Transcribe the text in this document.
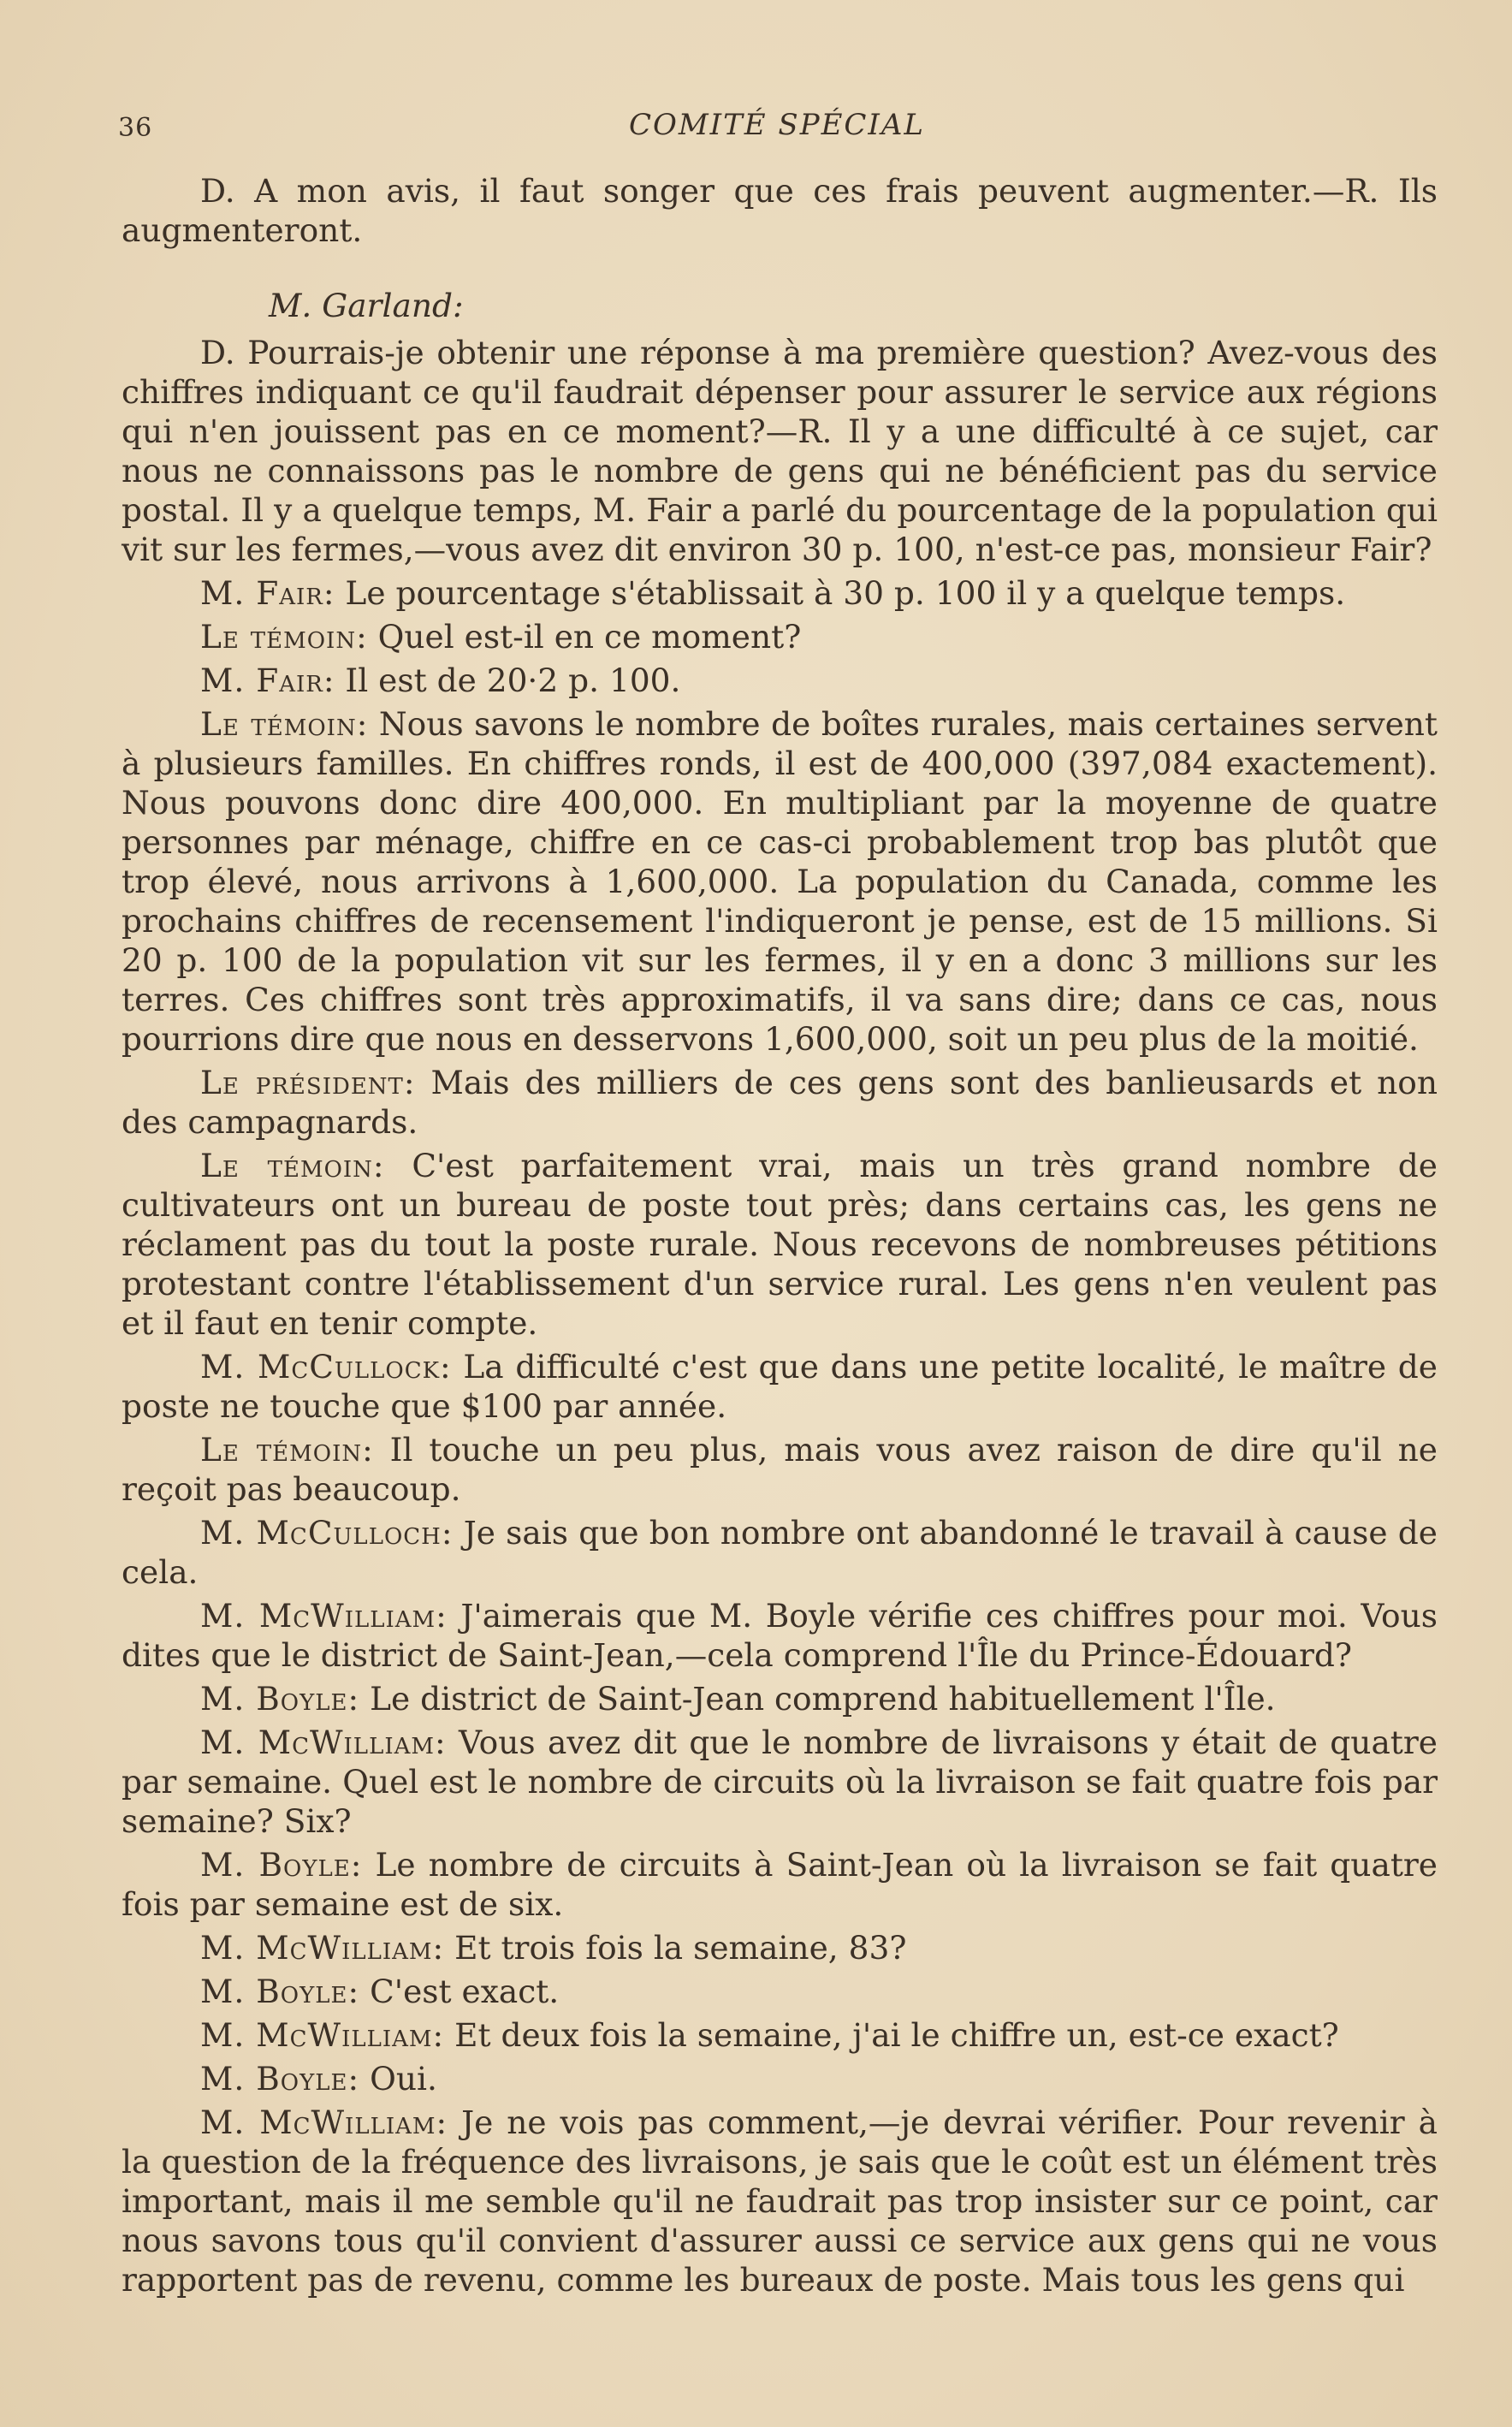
36	COMITÉ SPÉCIAL

D. A mon avis, il faut songer que ces frais peuvent augmenter.—R. Ils augmenteront.

M. Garland:

D. Pourrais-je obtenir une réponse à ma première question? Avez-vous des chiffres indiquant ce qu'il faudrait dépenser pour assurer le service aux régions qui n'en jouissent pas en ce moment?—R. Il y a une difficulté à ce sujet, car nous ne connaissons pas le nombre de gens qui ne bénéficient pas du service postal. Il y a quelque temps, M. Fair a parlé du pourcentage de la population qui vit sur les fermes,—vous avez dit environ 30 p. 100, n'est-ce pas, monsieur Fair?

M. Fair: Le pourcentage s'établissait à 30 p. 100 il y a quelque temps.

Le témoin: Quel est-il en ce moment?

M. Fair: Il est de 20·2 p. 100.

Le témoin: Nous savons le nombre de boîtes rurales, mais certaines servent à plusieurs familles. En chiffres ronds, il est de 400,000 (397,084 exactement). Nous pouvons donc dire 400,000. En multipliant par la moyenne de quatre personnes par ménage, chiffre en ce cas-ci probablement trop bas plutôt que trop élevé, nous arrivons à 1,600,000. La population du Canada, comme les prochains chiffres de recensement l'indiqueront je pense, est de 15 millions. Si 20 p. 100 de la population vit sur les fermes, il y en a donc 3 millions sur les terres. Ces chiffres sont très approximatifs, il va sans dire; dans ce cas, nous pourrions dire que nous en desservons 1,600,000, soit un peu plus de la moitié.

Le président: Mais des milliers de ces gens sont des banlieusards et non des campagnards.

Le témoin: C'est parfaitement vrai, mais un très grand nombre de cultivateurs ont un bureau de poste tout près; dans certains cas, les gens ne réclament pas du tout la poste rurale. Nous recevons de nombreuses pétitions protestant contre l'établissement d'un service rural. Les gens n'en veulent pas et il faut en tenir compte.

M. McCullock: La difficulté c'est que dans une petite localité, le maître de poste ne touche que $100 par année.

Le témoin: Il touche un peu plus, mais vous avez raison de dire qu'il ne reçoit pas beaucoup.

M. McCulloch: Je sais que bon nombre ont abandonné le travail à cause de cela.

M. McWilliam: J'aimerais que M. Boyle vérifie ces chiffres pour moi. Vous dites que le district de Saint-Jean,—cela comprend l'Île du Prince-Édouard?

M. Boyle: Le district de Saint-Jean comprend habituellement l'Île.

M. McWilliam: Vous avez dit que le nombre de livraisons y était de quatre par semaine. Quel est le nombre de circuits où la livraison se fait quatre fois par semaine? Six?

M. Boyle: Le nombre de circuits à Saint-Jean où la livraison se fait quatre fois par semaine est de six.

M. McWilliam: Et trois fois la semaine, 83?

M. Boyle: C'est exact.

M. McWilliam: Et deux fois la semaine, j'ai le chiffre un, est-ce exact?

M. Boyle: Oui.

M. McWilliam: Je ne vois pas comment,—je devrai vérifier. Pour revenir à la question de la fréquence des livraisons, je sais que le coût est un élément très important, mais il me semble qu'il ne faudrait pas trop insister sur ce point, car nous savons tous qu'il convient d'assurer aussi ce service aux gens qui ne vous rapportent pas de revenu, comme les bureaux de poste. Mais tous les gens qui
